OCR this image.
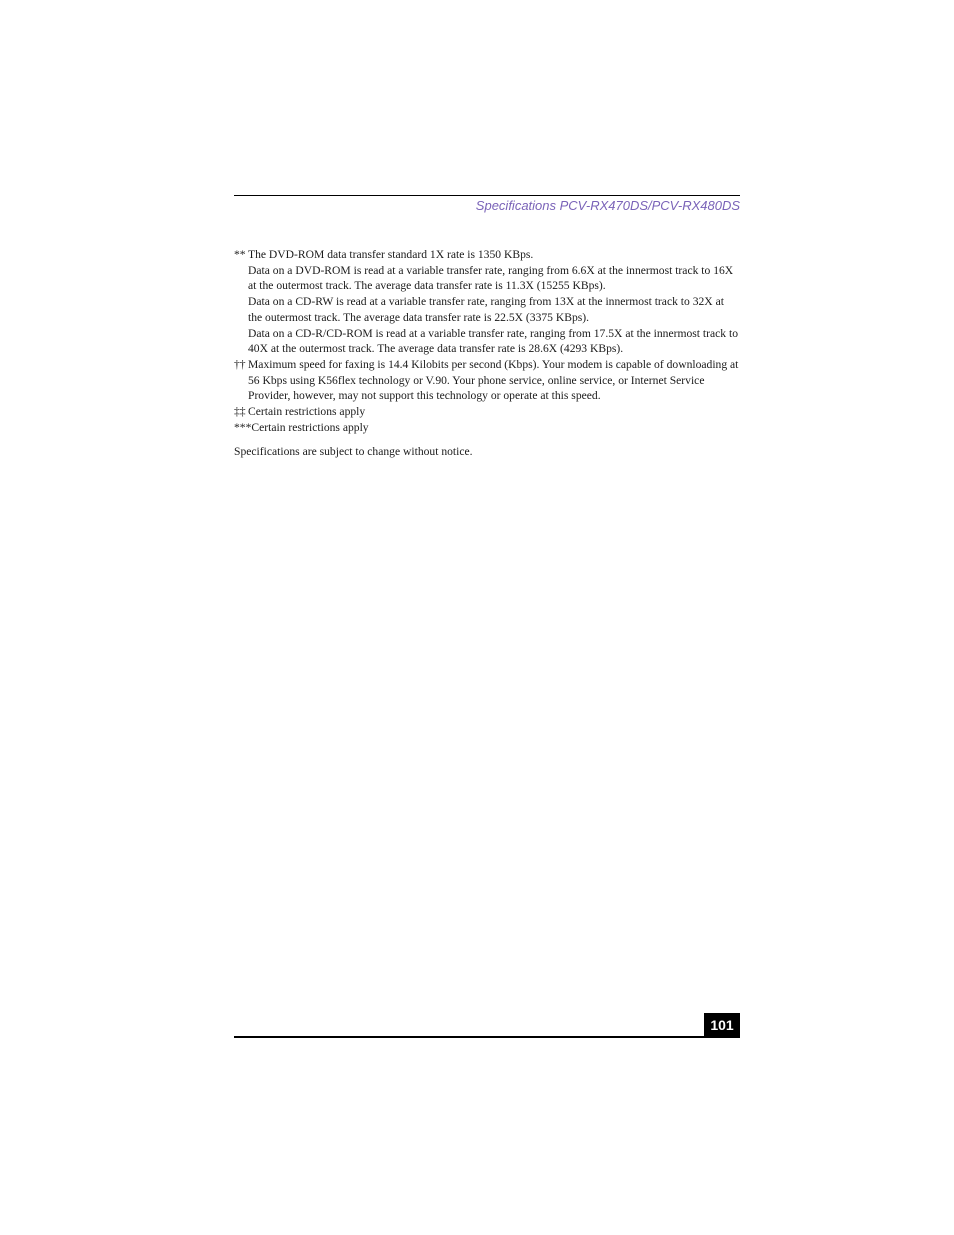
Specifications PCV-RX470DS/PCV-RX480DS
** The DVD-ROM data transfer standard 1X rate is 1350 KBps.

Data on a DVD-ROM is read at a variable transfer rate, ranging from 6.6X at the innermost track to 16X at the outermost track. The average data transfer rate is 11.3X (15255 KBps).

Data on a CD-RW is read at a variable transfer rate, ranging from 13X at the innermost track to 32X at the outermost track. The average data transfer rate is 22.5X (3375 KBps).

Data on a CD-R/CD-ROM is read at a variable transfer rate, ranging from 17.5X at the innermost track to 40X at the outermost track. The average data transfer rate is 28.6X (4293 KBps).

†† Maximum speed for faxing is 14.4 Kilobits per second (Kbps). Your modem is capable of downloading at 56 Kbps using K56flex technology or V.90. Your phone service, online service, or Internet Service Provider, however, may not support this technology or operate at this speed.

‡‡ Certain restrictions apply

***Certain restrictions apply

Specifications are subject to change without notice.
101
